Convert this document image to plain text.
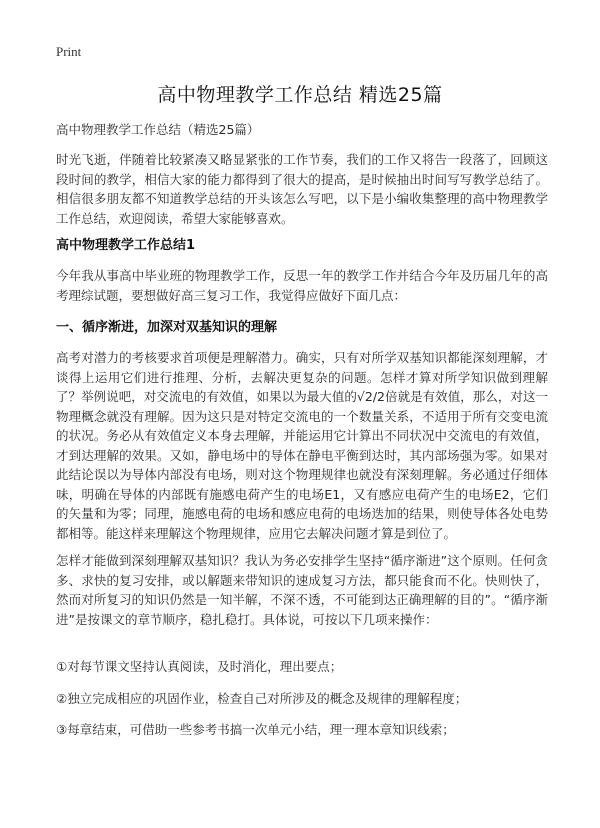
Print
高中物理教学工作总结 精选25篇
高中物理教学工作总结（精选25篇）
时光飞逝，伴随着比较紧凑又略显紧张的工作节奏，我们的工作又将告一段落了，回顾这段时间的教学，相信大家的能力都得到了很大的提高，是时候抽出时间写写教学总结了。相信很多朋友都不知道教学总结的开头该怎么写吧，以下是小编收集整理的高中物理教学工作总结，欢迎阅读，希望大家能够喜欢。
高中物理教学工作总结1
今年我从事高中毕业班的物理教学工作，反思一年的教学工作并结合今年及历届几年的高考理综试题，要想做好高三复习工作，我觉得应做好下面几点：
一、循序渐进，加深对双基知识的理解
高考对潜力的考核要求首项便是理解潜力。确实，只有对所学双基知识都能深刻理解，才谈得上运用它们进行推理、分析，去解决更复杂的问题。怎样才算对所学知识做到理解了？举例说吧，对交流电的有效值，如果以为最大值的√2/2倍就是有效值，那么，对这一物理概念就没有理解。因为这只是对特定交流电的一个数量关系，不适用于所有交变电流的状况。务必从有效值定义本身去理解，并能运用它计算出不同状况中交流电的有效值，才到达理解的效果。又如，静电场中的导体在静电平衡到达时，其内部场强为零。如果对此结论误以为导体内部没有电场，则对这个物理规律也就没有深刻理解。务必通过仔细体味，明确在导体的内部既有施感电荷产生的电场E1，又有感应电荷产生的电场E2，它们的矢量和为零；同理，施感电荷的电场和感应电荷的电场迭加的结果，则使导体各处电势都相等。能这样来理解这个物理规律，应用它去解决问题才算是到位了。
怎样才能做到深刻理解双基知识？我认为务必安排学生坚持“循序渐进”这个原则。任何贪多、求快的复习安排，或以解题来带知识的速成复习方法，都只能食而不化。快则快了，然而对所复习的知识仍然是一知半解，不深不透，不可能到达正确理解的目的”。“循序渐进”是按课文的章节顺序，稳扎稳打。具体说，可按以下几项来操作：
①对每节课文坚持认真阅读，及时消化，理出要点；
②独立完成相应的巩固作业，检查自己对所涉及的概念及规律的理解程度；
③每章结束，可借助一些参考书搞一次单元小结，理一理本章知识线索；
